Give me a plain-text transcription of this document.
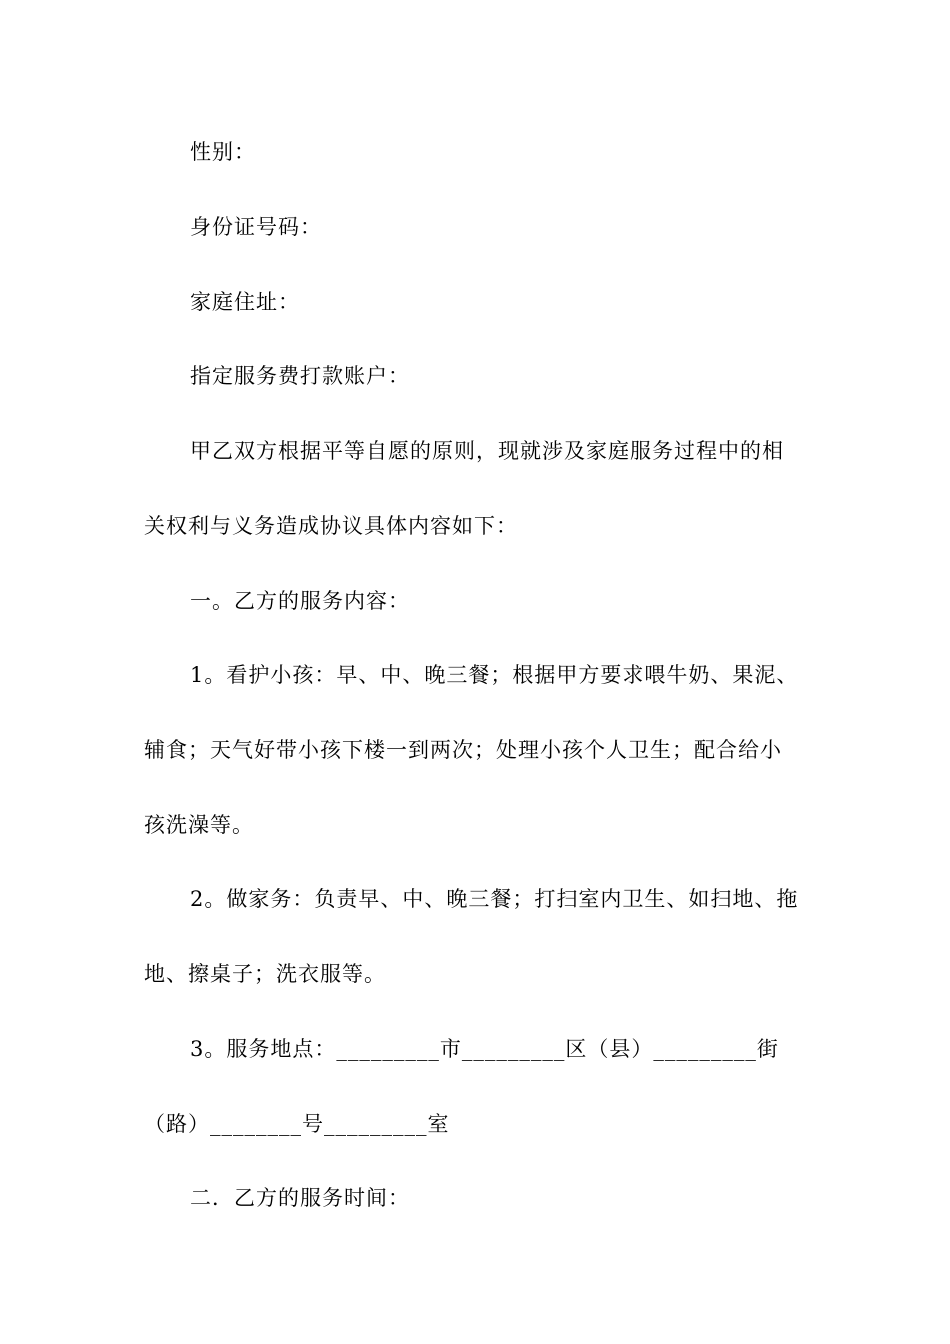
性别：
身份证号码：
家庭住址：
指定服务费打款账户：
甲乙双方根据平等自愿的原则，现就涉及家庭服务过程中的相
关权利与义务造成协议具体内容如下：
一。乙方的服务内容：
1。看护小孩：早、中、晚三餐；根据甲方要求喂牛奶、果泥、
辅食；天气好带小孩下楼一到两次；处理小孩个人卫生；配合给小
孩洗澡等。
2。做家务：负责早、中、晚三餐；打扫室内卫生、如扫地、拖
地、擦桌子；洗衣服等。
3。服务地点：_________市_________区（县）_________街
（路）________号_________室
二．乙方的服务时间：
